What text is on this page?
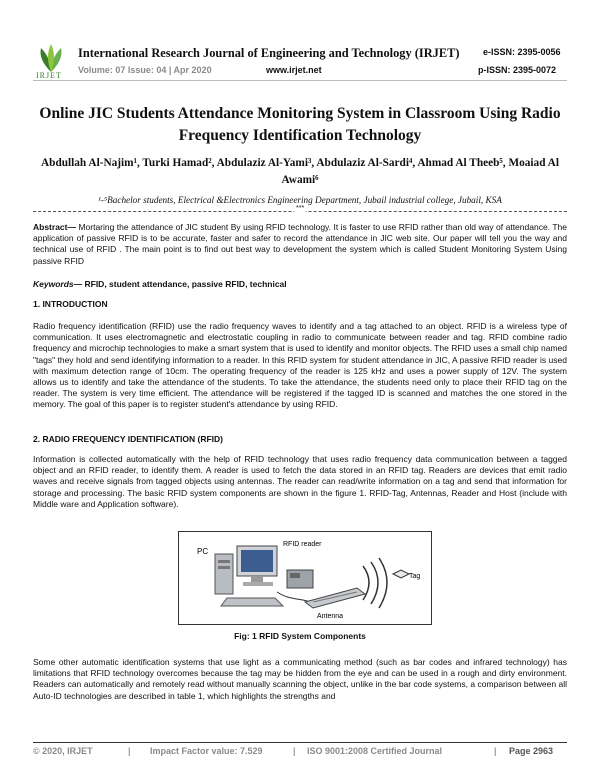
IRJET
International Research Journal of Engineering and Technology (IRJET)
Volume: 07 Issue: 04 | Apr 2020	www.irjet.net
e-ISSN: 2395-0056
p-ISSN: 2395-0072
Online JIC Students Attendance Monitoring System in Classroom Using Radio Frequency Identification Technology
Abdullah Al-Najim¹, Turki Hamad², Abdulaziz Al-Yami³, Abdulaziz Al-Sardi⁴, Ahmad Al Theeb⁵, Moaiad Al Awami⁶
¹-⁵Bachelor students, Electrical &Electronics Engineering Department, Jubail industrial college, Jubail, KSA
***
Abstract— Mortaring the attendance of JIC student By using RFID technology. It is faster to use RFID rather than old way of attendance. The application of passive RFID is to be accurate, faster and safer to record the attendance in JIC web site. Our paper will tell you the way and technical use of RFID . The main point is to find out best way to development the system which is called Student Monitoring System Using passive RFID
Keywords— RFID, student attendance, passive RFID, technical
1. INTRODUCTION
Radio frequency identification (RFID) use the radio frequency waves to identify and a tag attached to an object. RFID is a wireless type of communication. It uses electromagnetic and electrostatic coupling in radio to communicate between reader and tag. RFID combine radio frequency and microchip technologies to make a smart system that is used to identify and monitor objects. The RFID uses a small chip named "tags" they hold and send identifying information to a reader. In this RFID system for student attendance in JIC, A passive RFID reader is used with maximum detection range of 10cm. The operating frequency of the reader is 125 kHz and uses a power supply of 12V. The system allows us to identify and take the attendance of the students. To take the attendance, the students need only to place their RFID tag on the reader. The system is very time efficient. The attendance will be registered if the tagged ID is scanned and matches the one stored in the memory. The goal of this paper is to register student's attendance by using RFID.
2. RADIO FREQUENCY IDENTIFICATION (RFID)
Information is collected automatically with the help of RFID technology that uses radio frequency data communication between a tagged object and an RFID reader, to identify them. A reader is used to fetch the data stored in an RFID tag. Readers are devices that emit radio waves and receive signals from tagged objects using antennas. The reader can read/write information on a tag and send that information for storage and processing. The basic RFID system components are shown in the figure 1. RFID-Tag, Antennas, Reader and Host (include with Middle ware and Application software).
PC
RFID reader
Tag
Antenna
Fig: 1 RFID System Components
Some other automatic identification systems that use light as a communicating method (such as bar codes and infrared technology) has limitations that RFID technology overcomes because the tag may be hidden from the eye and can be used in a rough and dirty environment. Readers can automatically and remotely read without manually scanning the object, unlike in the bar code systems, a comparison between all Auto-ID technologies are described in table 1, which highlights the strengths and
© 2020, IRJET	| Impact Factor value: 7.529	| ISO 9001:2008 Certified Journal	| Page 2963
